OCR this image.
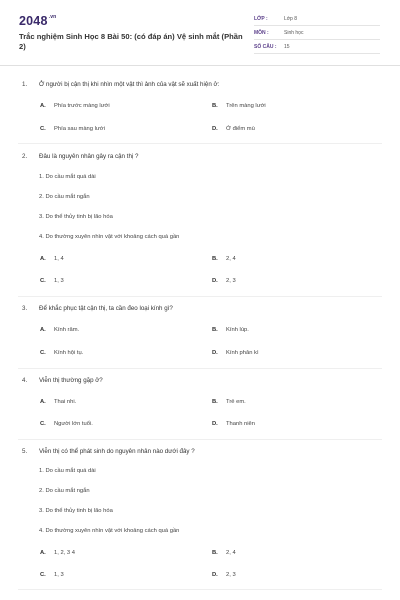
$2048^{.vn}$
Trắc nghiệm Sinh Học 8 Bài 50: (có đáp án) Vệ sinh mắt (Phần 2)
LỚP :	Lớp 8
MÔN :	Sinh học
SỐ CÂU : 15
1. Ở người bị cận thị khi nhìn một vật thì ảnh của vật sẽ xuất hiện ở:
A. Phía trước màng lưới	B. Trên màng lưới
C. Phía sau màng lưới	D. Ở điểm mù
2. Đâu là nguyên nhân gây ra cận thị ?
1. Do cầu mắt quá dài
2. Do cầu mắt ngắn
3. Do thể thủy tinh bị lão hóa
4. Do thường xuyên nhìn vật với khoảng cách quá gần
A. 1, 4	B. 2, 4
C. 1, 3	D. 2, 3
3. Để khắc phục tật cận thị, ta cần đeo loại kính gì?
A. Kính râm.	B. Kính lúp.
C. Kính hội tụ.	D. Kính phân kì
4. Viễn thị thường gặp ở?
A. Thai nhi.	B. Trẻ em.
C. Người lớn tuổi.	D. Thanh niên
5. Viễn thị có thể phát sinh do nguyên nhân nào dưới đây ?
1. Do cầu mắt quá dài
2. Do cầu mắt ngắn
3. Do thể thủy tinh bị lão hóa
4. Do thường xuyên nhìn vật với khoảng cách quá gần
A. 1, 2, 3 4	B. 2, 4
C. 1, 3	D. 2, 3
